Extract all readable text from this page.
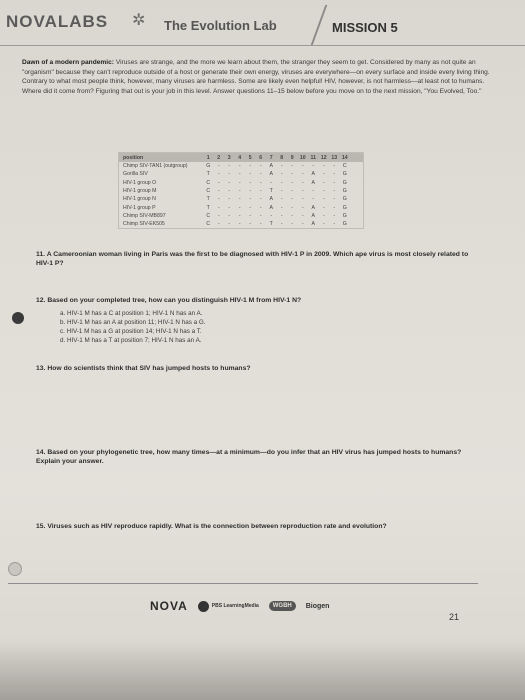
NOVALABS ✲ The Evolution Lab	MISSION 5
Dawn of a modern pandemic: Viruses are strange, and the more we learn about them, the stranger they seem to get. Considered by many as not quite an "organism" because they can't reproduce outside of a host or generate their own energy, viruses are everywhere—on every surface and inside every living thing. Contrary to what most people think, however, many viruses are harmless. Some are likely even helpful! HIV, however, is not harmless—at least not to humans. Where did it come from? Figuring that out is your job in this level. Answer questions 11–15 below before you move on to the next mission, "You Evolved, Too."
position	1	2	3	4	5	6	7	8	9	10 11 12 13 14
Chimp SIV-TAN1 (outgroup)	G	-	-	-	-	-	A	-	-	-	-	-	-	C
Gorilla SIV	T	-	-	-	-	-	A	-	-	-	A	-	-	G
HIV-1 group O	C	-	-	-	-	-	-	-	-	-	A	-	-	G
HIV-1 group M	C	-	-	-	-	-	T	-	-	-	-	-	-	G
HIV-1 group N	T	-	-	-	-	-	A	-	-	-	-	-	-	G
HIV-1 group P	T	-	-	-	-	-	A	-	-	-	A	-	-	G
Chimp SIV-MB897	C	-	-	-	-	-	-	-	-	-	A	-	-	G
Chimp SIV-EK505	C	-	-	-	-	-	T	-	-	-	A	-	-	G
11. A Cameroonian woman living in Paris was the first to be diagnosed with HIV-1 P in 2009. Which ape virus is most closely related to HIV-1 P?
12. Based on your completed tree, how can you distinguish HIV-1 M from HIV-1 N?
a. HIV-1 M has a C at position 1; HIV-1 N has an A.
b. HIV-1 M has an A at position 11; HIV-1 N has a G.
c. HIV-1 M has a G at position 14; HIV-1 N has a T.
d. HIV-1 M has a T at position 7; HIV-1 N has an A.
13. How do scientists think that SIV has jumped hosts to humans?
14. Based on your phylogenetic tree, how many times—at a minimum—do you infer that an HIV virus has jumped hosts to humans? Explain your answer.
15. Viruses such as HIV reproduce rapidly. What is the connection between reproduction rate and evolution?
NOVA	PBS LearningMedia	WGBH	Biogen
21
